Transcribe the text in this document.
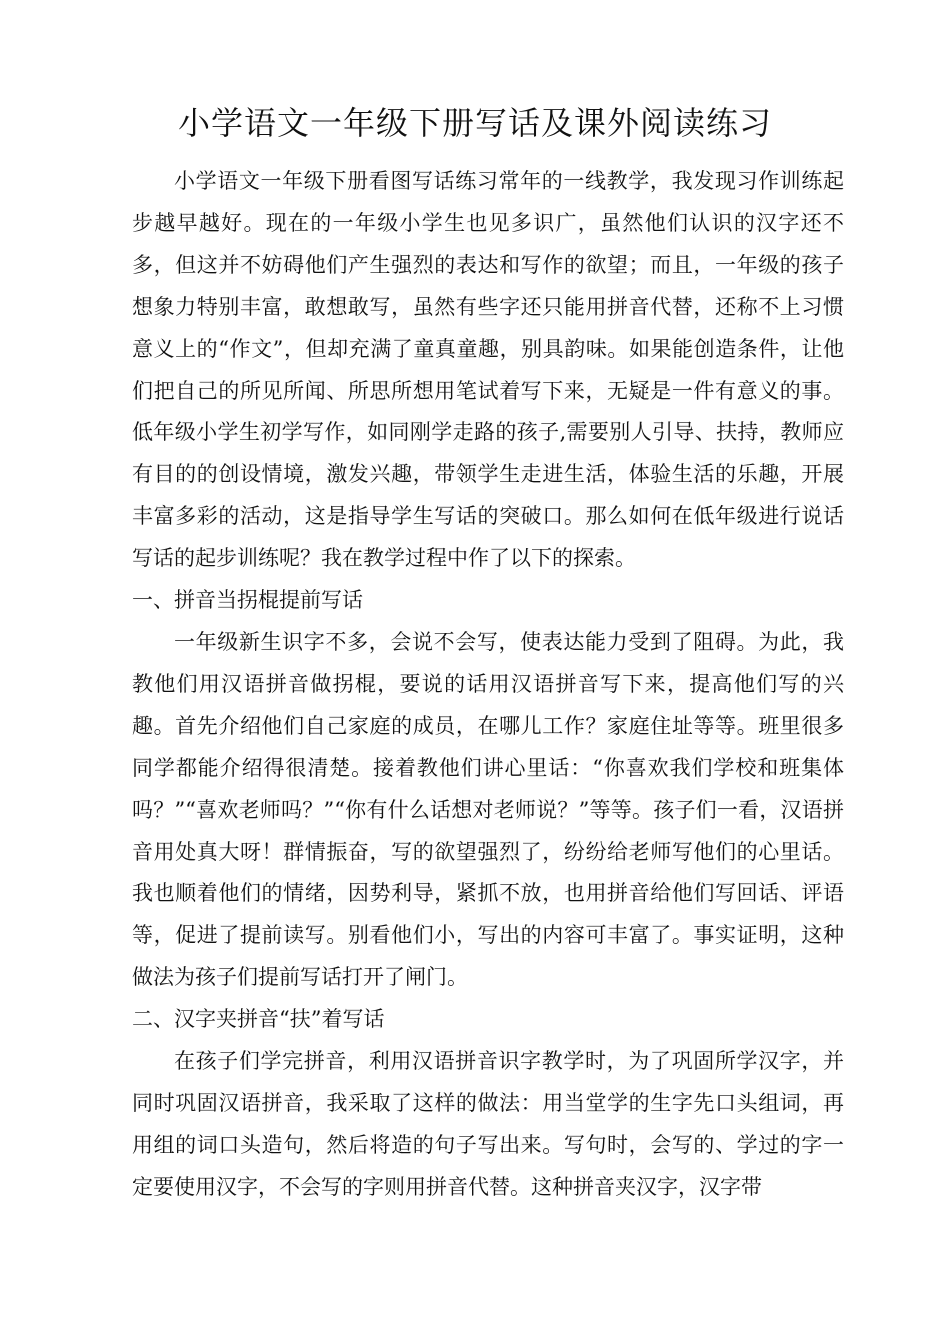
小学语文一年级下册写话及课外阅读练习

小学语文一年级下册看图写话练习常年的一线教学，我发现习作训练起步越早越好。现在的一年级小学生也见多识广，虽然他们认识的汉字还不多，但这并不妨碍他们产生强烈的表达和写作的欲望；而且，一年级的孩子想象力特别丰富，敢想敢写，虽然有些字还只能用拼音代替，还称不上习惯意义上的“作文”，但却充满了童真童趣，别具韵味。如果能创造条件，让他们把自己的所见所闻、所思所想用笔试着写下来，无疑是一件有意义的事。低年级小学生初学写作，如同刚学走路的孩子,需要别人引导、扶持，教师应有目的的创设情境，激发兴趣，带领学生走进生活，体验生活的乐趣，开展丰富多彩的活动，这是指导学生写话的突破口。那么如何在低年级进行说话写话的起步训练呢？我在教学过程中作了以下的探索。

一、拼音当拐棍提前写话

一年级新生识字不多，会说不会写，使表达能力受到了阻碍。为此，我教他们用汉语拼音做拐棍，要说的话用汉语拼音写下来，提高他们写的兴趣。首先介绍他们自己家庭的成员，在哪儿工作？家庭住址等等。班里很多同学都能介绍得很清楚。接着教他们讲心里话：“你喜欢我们学校和班集体吗？”“喜欢老师吗？”“你有什么话想对老师说？”等等。孩子们一看，汉语拼音用处真大呀！群情振奋，写的欲望强烈了，纷纷给老师写他们的心里话。我也顺着他们的情绪，因势利导，紧抓不放，也用拼音给他们写回话、评语等，促进了提前读写。别看他们小，写出的内容可丰富了。事实证明，这种做法为孩子们提前写话打开了闸门。

二、汉字夹拼音“扶”着写话

在孩子们学完拼音，利用汉语拼音识字教学时，为了巩固所学汉字，并同时巩固汉语拼音，我采取了这样的做法：用当堂学的生字先口头组词，再用组的词口头造句，然后将造的句子写出来。写句时，会写的、学过的字一定要使用汉字，不会写的字则用拼音代替。这种拼音夹汉字，汉字带
